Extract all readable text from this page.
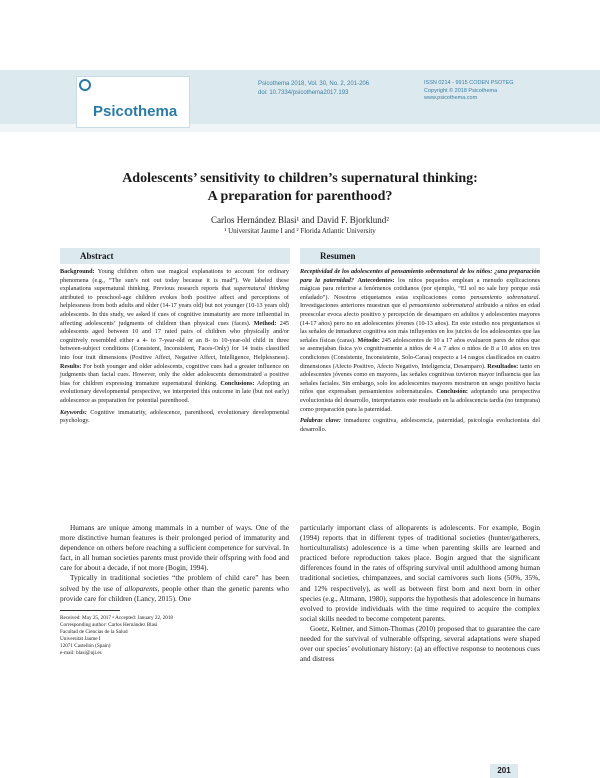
Psicothema
Psicothema 2018, Vol. 30, No. 2, 201-206
doi: 10.7334/psicothema2017.193
ISSN 0214 - 9915 CODEN PSOTEG
Copyright © 2018 Psicothema
www.psicothema.com
Adolescents’ sensitivity to children’s supernatural thinking:
A preparation for parenthood?
Carlos Hernández Blasi¹ and David F. Bjorklund²
¹ Universitat Jaume I and ² Florida Atlantic University
Abstract	Resumen

Background: Young children often use magical explanations to account for ordinary phenomena (e.g., “The sun’s not out today because it is mad”). We labeled these explanations supernatural thinking. Previous research reports that supernatural thinking attributed to preschool-age children evokes both positive affect and perceptions of helplessness from both adults and older (14-17 years old) but not younger (10-13 years old) adolescents. In this study, we asked if cues of cognitive immaturity are more influential in affecting adolescents’ judgments of children than physical cues (faces). Method: 245 adolescents aged between 10 and 17 rated pairs of children who physically and/or cognitively resembled either a 4- to 7-year-old or an 8- to 10-year-old child in three between-subject conditions (Consistent, Inconsistent, Faces-Only) for 14 traits classified into four trait dimensions (Positive Affect, Negative Affect, Intelligence, Helplessness). Results: For both younger and older adolescents, cognitive cues had a greater influence on judgments than facial cues. However, only the older adolescents demonstrated a positive bias for children expressing immature supernatural thinking. Conclusions: Adopting an evolutionary developmental perspective, we interpreted this outcome in late (but not early) adolescence as preparation for potential parenthood.

Keywords: Cognitive immaturity, adolescence, parenthood, evolutionary developmental psychology.

Receptividad de los adolescentes al pensamiento sobrenatural de los niños: ¿una preparación para la paternidad? Antecedentes: los niños pequeños emplean a menudo explicaciones mágicas para referirse a fenómenos cotidianos (por ejemplo, “El sol no sale hoy porque está enfadado”). Nosotros etiquetamos estas explicaciones como pensamiento sobrenatural. Investigaciones anteriores muestran que el pensamiento sobrenatural atribuido a niños en edad preescolar evoca afecto positivo y percepción de desamparo en adultos y adolescentes mayores (14-17 años) pero no en adolescentes jóvenes (10-13 años). En este estudio nos preguntamos si las señales de inmadurez cognitiva son más influyentes en los juicios de los adolescentes que las señales físicas (caras). Método: 245 adolescentes de 10 a 17 años evaluaron pares de niños que se asemejaban física y/o cognitivamente a niños de 4 a 7 años o niños de 8 a 10 años en tres condiciones (Consistente, Inconsistente, Solo-Caras) respecto a 14 rasgos clasificados en cuatro dimensiones (Afecto Positivo, Afecto Negativo, Inteligencia, Desamparo). Resultados: tanto en adolescentes jóvenes como en mayores, las señales cognitivas tuvieron mayor influencia que las señales faciales. Sin embargo, solo los adolescentes mayores mostraron un sesgo positivo hacia niños que expresaban pensamientos sobrenaturales. Conclusión: adoptando una perspectiva evolucionista del desarrollo, interpretamos este resultado en la adolescencia tardía (no temprana) como preparación para la paternidad.

Palabras clave: inmadurez cognitiva, adolescencia, paternidad, psicología evolucionista del desarrollo.

Humans are unique among mammals in a number of ways. One of the more distinctive human features is their prolonged period of immaturity and dependence on others before reaching a sufficient competence for survival. In fact, in all human societies parents must provide their offspring with food and care for about a decade, if not more (Bogin, 1994).

Typically in traditional societies “the problem of child care” has been solved by the use of alloparents, people other than the genetic parents who provide care for children (Lancy, 2015). One

particularly important class of alloparents is adolescents. For example, Bogin (1994) reports that in different types of traditional societies (hunter/gatherers, horticulturalists) adolescence is a time when parenting skills are learned and practiced before reproduction takes place. Bogin argued that the significant differences found in the rates of offspring survival until adulthood among human traditional societies, chimpanzees, and social carnivores such lions (50%, 35%, and 12% respectively), as well as between first born and next born in other species (e.g., Altmann, 1980), supports the hypothesis that adolescence in humans evolved to provide individuals with the time required to acquire the complex social skills needed to become competent parents.

Goetz, Keltner, and Simon-Thomas (2010) proposed that to guarantee the care needed for the survival of vulnerable offspring, several adaptations were shaped over our species’ evolutionary history: (a) an effective response to neotenous cues and distress

Received: May 25, 2017 • Accepted: January 22, 2018
Corresponding author: Carlos Hernández Blasi
Facultad de Ciencias de la Salud
Universitat Jaume I
12071 Castellón (Spain)
e-mail: blasi@uji.es
201
